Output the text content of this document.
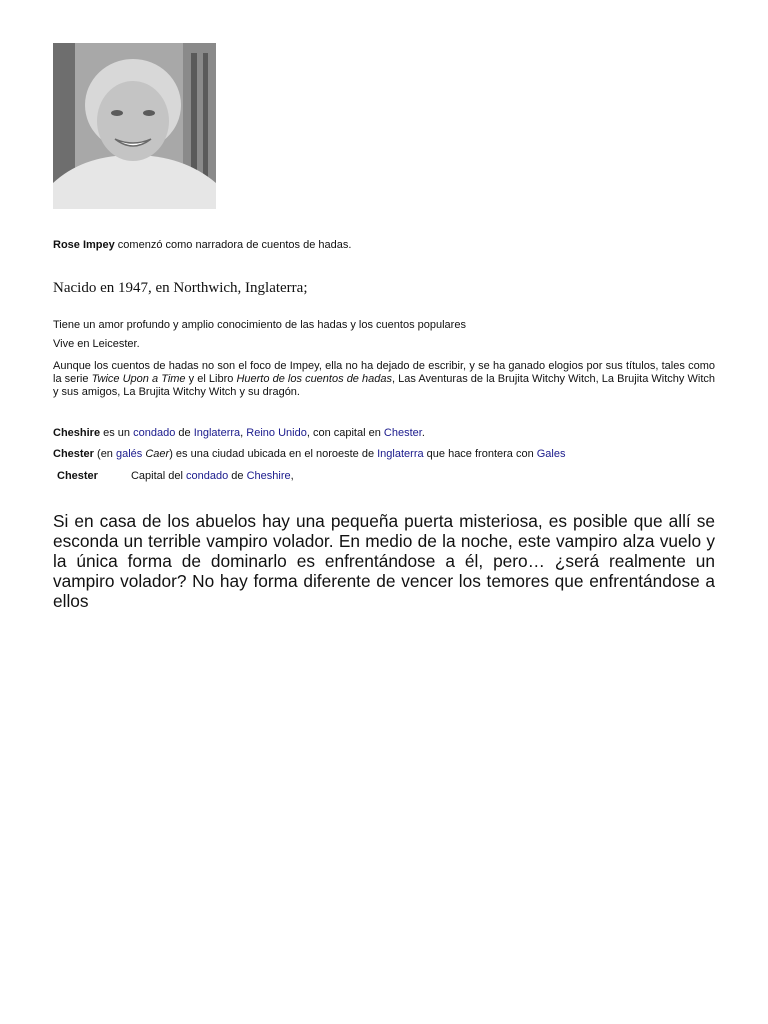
Rose Impey comenzó como narradora de cuentos de hadas.

Nacido en 1947, en Northwich, Inglaterra;

Tiene un amor profundo y amplio conocimiento de las hadas y los cuentos populares

Vive en Leicester.

Aunque los cuentos de hadas no son el foco de Impey, ella no ha dejado de escribir, y se ha ganado elogios por sus títulos, tales como la serie Twice Upon a Time y el Libro Huerto de los cuentos de hadas, Las Aventuras de la Brujita Witchy Witch, La Brujita Witchy Witch y sus amigos, La Brujita Witchy Witch y su dragón.

Cheshire es un condado de Inglaterra, Reino Unido, con capital en Chester.

Chester (en galés Caer) es una ciudad ubicada en el noroeste de Inglaterra que hace frontera con Gales

Chester	Capital del condado de Cheshire,

Si en casa de los abuelos hay una pequeña puerta misteriosa, es posible que allí se esconda un terrible vampiro volador. En medio de la noche, este vampiro alza vuelo y la única forma de dominarlo es enfrentándose a él, pero… ¿será realmente un vampiro volador? No hay forma diferente de vencer los temores que enfrentándose a ellos
